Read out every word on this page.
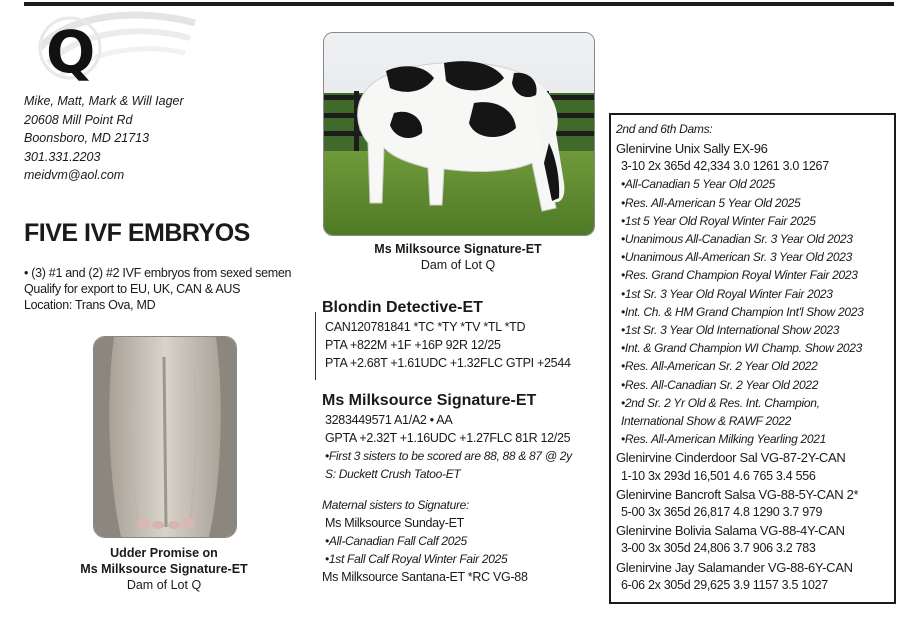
Q
Mike, Matt, Mark & Will Iager
20608 Mill Point Rd
Boonsboro, MD 21713
301.331.2203
meidvm@aol.com
FIVE IVF EMBRYOS
• (3) #1 and (2) #2 IVF embryos from sexed semen
Qualify for export to EU, UK, CAN & AUS
Location: Trans Ova, MD
Ms Milksource Signature-ET
Dam of Lot Q
Udder Promise on
Ms Milksource Signature-ET
Dam of Lot Q
Blondin Detective-ET
CAN120781841 *TC *TY *TV *TL *TD
PTA +822M +1F +16P 92R 12/25
PTA +2.68T +1.61UDC +1.32FLC GTPI +2544
Ms Milksource Signature-ET
3283449571 A1/A2 • AA
GPTA +2.32T +1.16UDC +1.27FLC 81R 12/25
•First 3 sisters to be scored are 88, 88 & 87 @ 2y
S: Duckett Crush Tatoo-ET
Maternal sisters to Signature:
Ms Milksource Sunday-ET
•All-Canadian Fall Calf 2025
•1st Fall Calf Royal Winter Fair 2025
Ms Milksource Santana-ET *RC VG-88
2nd and 6th Dams:
Glenirvine Unix Sally EX-96
3-10 2x 365d 42,334 3.0 1261 3.0 1267
•All-Canadian 5 Year Old 2025
•Res. All-American 5 Year Old 2025
•1st 5 Year Old Royal Winter Fair 2025
•Unanimous All-Canadian Sr. 3 Year Old 2023
•Unanimous All-American Sr. 3 Year Old 2023
•Res. Grand Champion Royal Winter Fair 2023
•1st Sr. 3 Year Old Royal Winter Fair 2023
•Int. Ch. & HM Grand Champion Int'l Show 2023
•1st Sr. 3 Year Old International Show 2023
•Int. & Grand Champion WI Champ. Show 2023
•Res. All-American Sr. 2 Year Old 2022
•Res. All-Canadian Sr. 2 Year Old 2022
•2nd Sr. 2 Yr Old & Res. Int. Champion,
International Show & RAWF 2022
•Res. All-American Milking Yearling 2021
Glenirvine Cinderdoor Sal VG-87-2Y-CAN
1-10 3x 293d 16,501 4.6 765 3.4 556
Glenirvine Bancroft Salsa VG-88-5Y-CAN 2*
5-00 3x 365d 26,817 4.8 1290 3.7 979
Glenirvine Bolivia Salama VG-88-4Y-CAN
3-00 3x 305d 24,806 3.7 906 3.2 783
Glenirvine Jay Salamander VG-88-6Y-CAN
6-06 2x 305d 29,625 3.9 1157 3.5 1027
